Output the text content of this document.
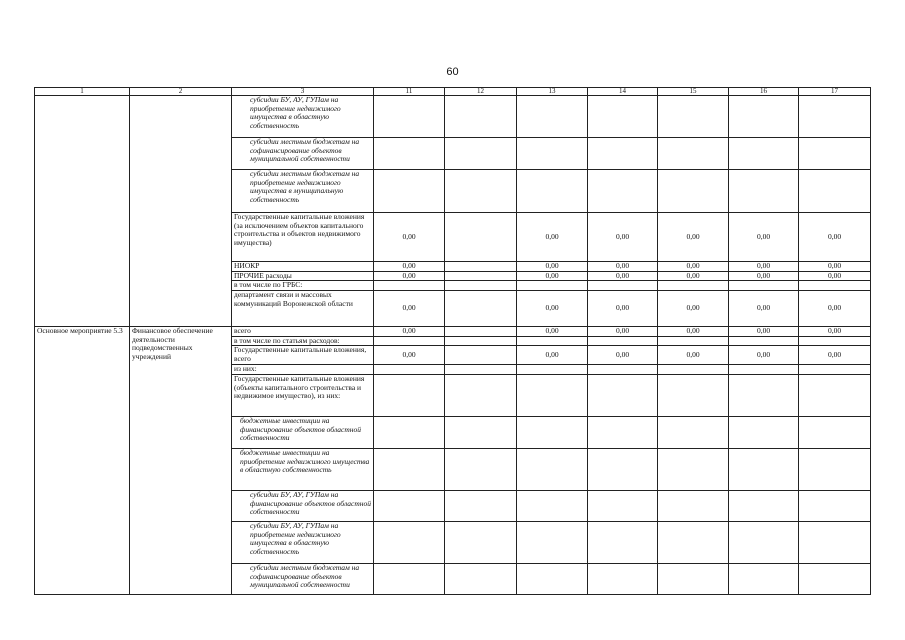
60
1	2	3	11	12	13	14	15	16	17
		субсидии БУ, АУ, ГУПам на приобретение недвижимого имущества в областную собственность							
		субсидии местным бюджетам на софинансирование объектов муниципальной собственности							
		субсидии местным бюджетам на приобретение недвижимого имущества в муниципальную собственность							
		Государственные капитальные вложения (за исключением объектов капитального строительства и объектов недвижимого имущества)	0,00		0,00	0,00	0,00	0,00	0,00
		НИОКР	0,00		0,00	0,00	0,00	0,00	0,00
		ПРОЧИЕ расходы	0,00		0,00	0,00	0,00	0,00	0,00
		в том числе по ГРБС:							
		департамент связи и массовых коммуникаций Воронежской области	0,00		0,00	0,00	0,00	0,00	0,00
Основное мероприятие 5.3	Финансовое обеспечение деятельности подведомственных учреждений	всего	0,00		0,00	0,00	0,00	0,00	0,00
		в том числе по статьям расходов:							
		Государственные капитальные вложения, всего	0,00		0,00	0,00	0,00	0,00	0,00
		из них:							
		Государственные капитальные вложения (объекты капитального строительства и недвижимое имущество), из них:							
		бюджетные инвестиции на финансирование объектов областной собственности							
		бюджетные инвестиции на приобретение недвижимого имущества в областную собственность							
		субсидии БУ, АУ, ГУПам на финансирование объектов областной собственности							
		субсидии БУ, АУ, ГУПам на приобретение недвижимого имущества в областную собственность							
		субсидии местным бюджетам на софинансирование объектов муниципальной собственности							
